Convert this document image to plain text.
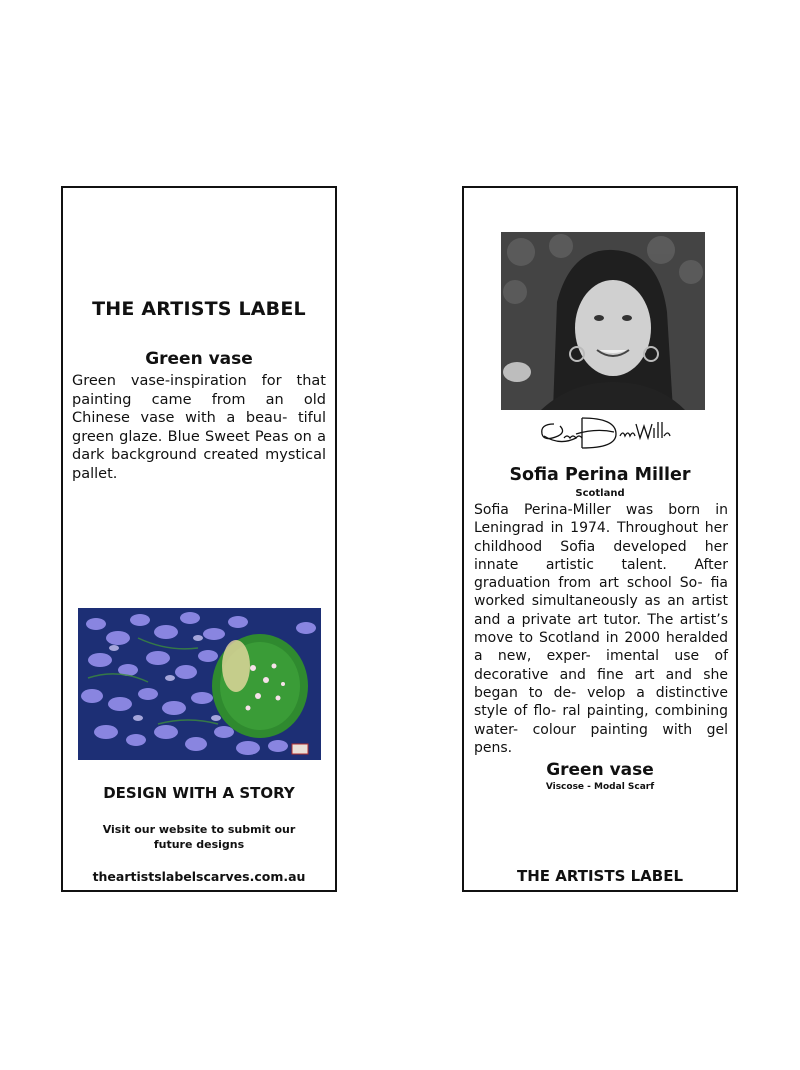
THE ARTISTS LABEL
Green vase
Green vase-inspiration for that painting came from an old Chinese vase with a beau- tiful green glaze. Blue Sweet Peas on a dark background created mystical pallet.
DESIGN WITH A STORY
Visit our website to submit our future designs
theartistslabelscarves.com.au
Sofia Perina Miller
Scotland
Sofia Perina-Miller was born in Leningrad in 1974. Throughout her childhood Sofia developed her innate artistic talent. After graduation from art school So- fia worked simultaneously as an artist and a private art tutor. The artist’s move to Scotland in 2000 heralded a new, exper- imental use of decorative and fine art and she began to de- velop a distinctive style of flo- ral painting, combining water- colour painting with gel pens.
Green vase
Viscose - Modal Scarf
THE ARTISTS LABEL
